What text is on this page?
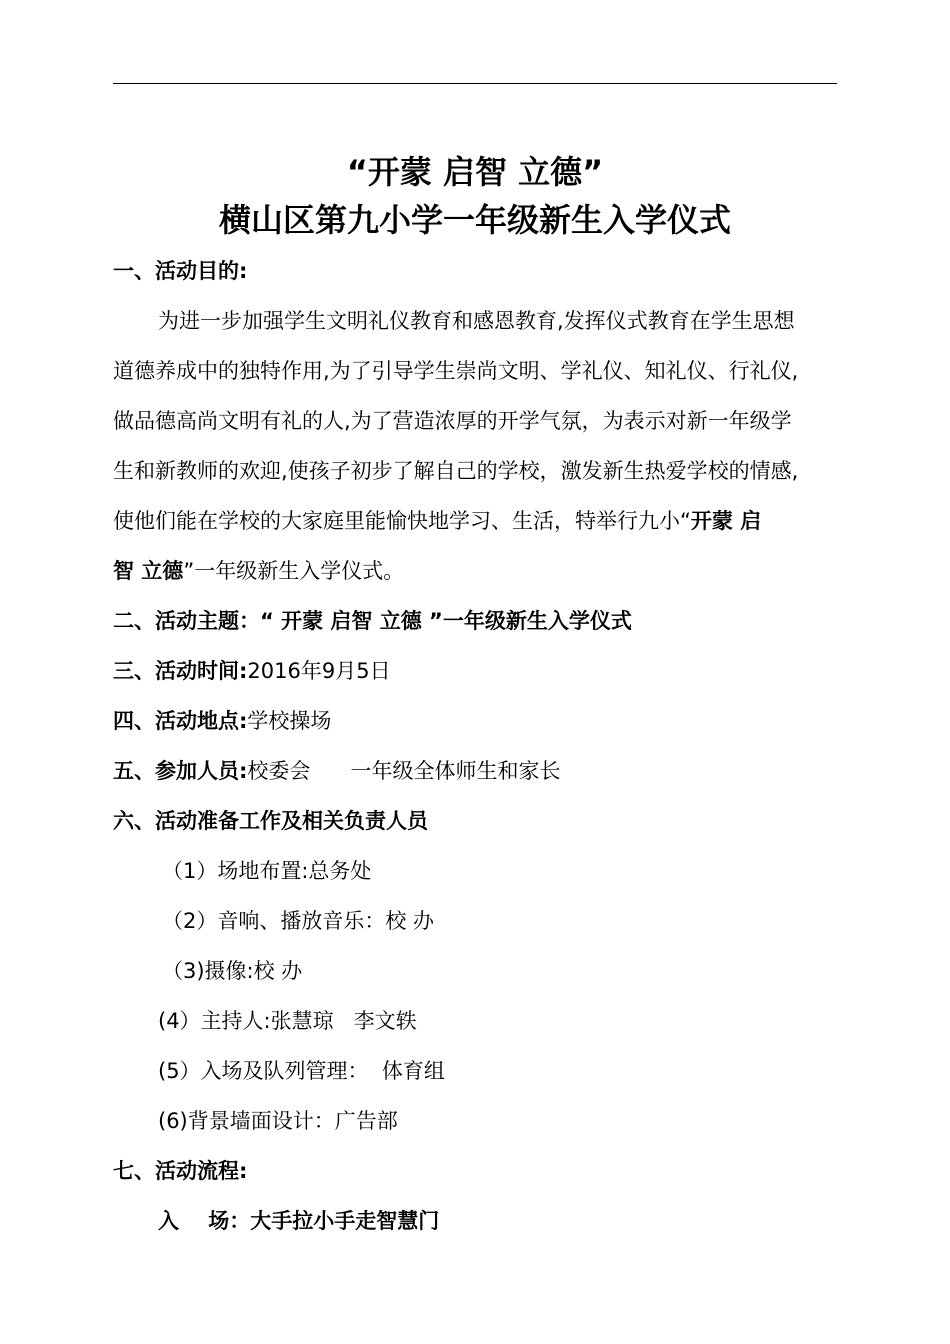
“开蒙 启智 立德”
横山区第九小学一年级新生入学仪式
一、活动目的:
为进一步加强学生文明礼仪教育和感恩教育,发挥仪式教育在学生思想
道德养成中的独特作用,为了引导学生崇尚文明、学礼仪、知礼仪、行礼仪,
做品德高尚文明有礼的人,为了营造浓厚的开学气氛，为表示对新一年级学
生和新教师的欢迎,使孩子初步了解自己的学校，激发新生热爱学校的情感,
使他们能在学校的大家庭里能愉快地学习、生活，特举行九小“开蒙 启
智 立德”一年级新生入学仪式。
二、活动主题：“ 开蒙 启智 立德 ”一年级新生入学仪式
三、活动时间:2016年9月5日
四、活动地点:学校操场
五、参加人员:校委会      一年级全体师生和家长
六、活动准备工作及相关负责人员
（1）场地布置:总务处
（2）音响、播放音乐：校 办
（3)摄像:校 办
(4）主持人:张慧琼   李文轶
(5）入场及队列管理：  体育组
(6)背景墙面设计：广告部
七、活动流程:
入    场：大手拉小手走智慧门
